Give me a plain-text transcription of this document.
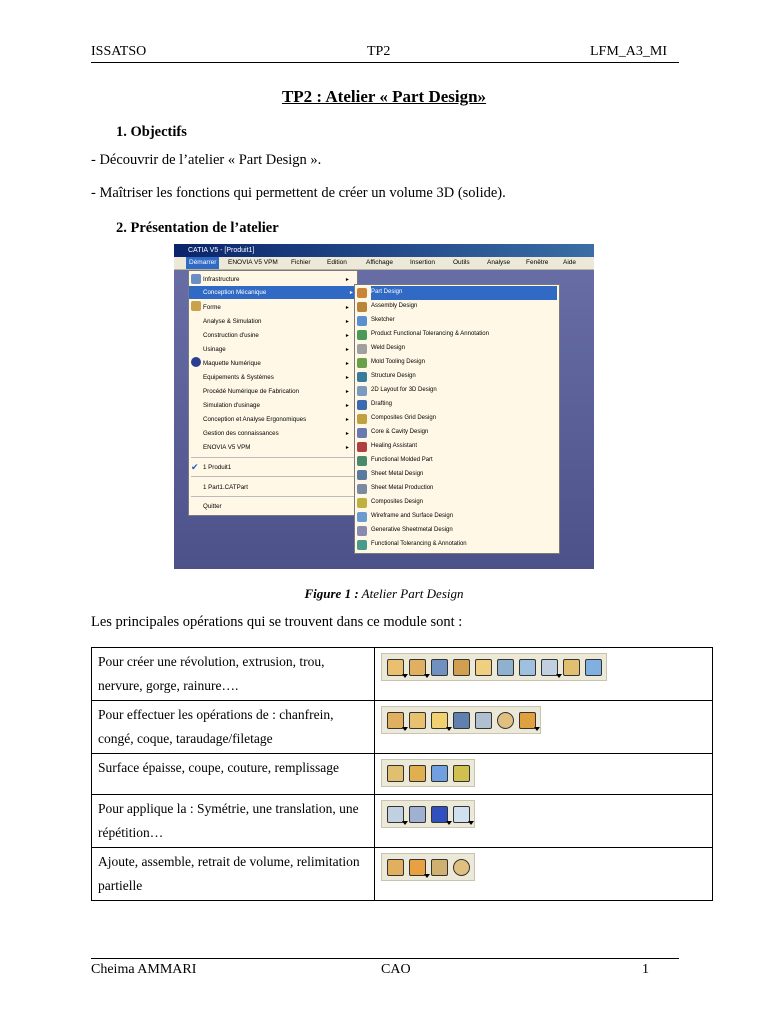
ISSATSO	TP2	LFM_A3_MI
TP2 : Atelier « Part Design»
1. Objectifs
- Découvrir de l’atelier « Part Design ».
- Maîtriser les fonctions qui permettent de créer un volume 3D (solide).
2. Présentation de l’atelier
CATIA V5 - [Produit1]
Démarrer	ENOVIA V5 VPM Fichier	Edition	Affichage	Insertion	Outils	Analyse Fenêtre Aide
Infrastructure	▸
Conception Mécanique	▸
Forme	▸
Analyse & Simulation	▸
Construction d'usine	▸
Usinage	▸
Maquette Numérique	▸
Equipements & Systèmes	▸
Procédé Numérique de Fabrication	▸
Simulation d'usinage	▸
Conception et Analyse Ergonomiques	▸
Gestion des connaissances	▸
ENOVIA V5 VPM	▸
1 Produit1
1 Part1.CATPart
Quitter
✔
Part Design
Assembly Design
Sketcher
Product Functional Tolerancing & Annotation
Weld Design
Mold Tooling Design
Structure Design
2D Layout for 3D Design
Drafting
Composites Grid Design
Core & Cavity Design
Healing Assistant
Functional Molded Part
Sheet Metal Design
Sheet Metal Production
Composites Design
Wireframe and Surface Design
Generative Sheetmetal Design
Functional Tolerancing & Annotation
Figure 1 : Atelier Part Design
Les principales opérations qui se trouvent dans ce module sont :
Pour créer une révolution, extrusion, trou, nervure, gorge, rainure….	

Pour effectuer les opérations de : chanfrein, congé, coque, taraudage/filetage	

Surface épaisse, coupe, couture, remplissage	

Pour applique la : Symétrie, une translation, une répétition…	

Ajoute, assemble, retrait de volume, relimitation partielle	
Cheima AMMARI	CAO	1
